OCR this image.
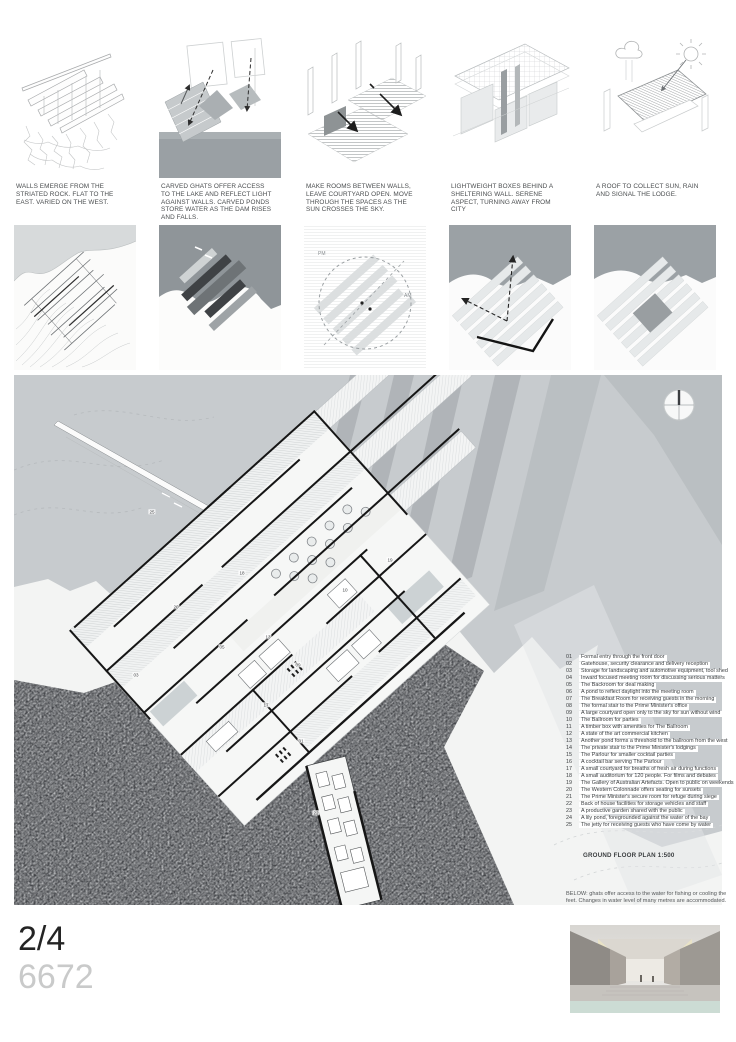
WALLS EMERGE FROM THE STRIATED ROCK. FLAT TO THE EAST. VARIED ON THE WEST.

CARVED GHATS OFFER ACCESS TO THE LAKE AND REFLECT LIGHT AGAINST WALLS. CARVED PONDS STORE WATER AS THE DAM RISES AND FALLS.

MAKE ROOMS BETWEEN WALLS, LEAVE COURTYARD OPEN. MOVE THROUGH THE SPACES AS THE SUN CROSSES THE SKY.

LIGHTWEIGHT BOXES BEHIND A SHELTERING WALL. SERENE ASPECT, TURNING AWAY FROM CITY

A ROOF TO COLLECT SUN, RAIN AND SIGNAL THE LODGE.

PM
AM
25
19
18
10
20
13
05
09
03
17
01
22
01	Formal entry through the front door
02	Gatehouse, security clearance and delivery reception
03	Storage for landscaping and automotive equipment, tool shed
04	Inward focused meeting room for discussing serious matters
05	The Backroom for deal making
06	A pond to reflect daylight into the meeting room
07	The Breakfast Room for receiving guests in the morning
08	The formal stair to the Prime Minister's office
09	A large courtyard open only to the sky for sun without wind
10	The Ballroom for parties
11	A timber box with amenities for The Ballroom
12	A state of the art commercial kitchen
13	Another pond forms a threshold to the ballroom from the west
14	The private stair to the Prime Minister's lodgings
15	The Parlour for smaller cocktail parties
16	A cocktail bar serving The Parlour
17	A small courtyard for breaths of fresh air during functions
18	A small auditorium for 120 people. For films and debates
19	The Gallery of Australian Artefacts. Open to public on weekends
20	The Western Colonnade offers seating for sunsets
21	The Prime Minister's secure room for refuge during siege
22	Back of house facilities for storage vehicles and staff
23	A productive garden shared with the public
24	A lily pond, foregrounded against the water of the bay
25	The jetty for receiving guests who have come by water

GROUND FLOOR PLAN 1:500

BELOW: ghats offer access to the water for fishing or cooling the feet. Changes in water level of many metres are accommodated.

2/4

6672
